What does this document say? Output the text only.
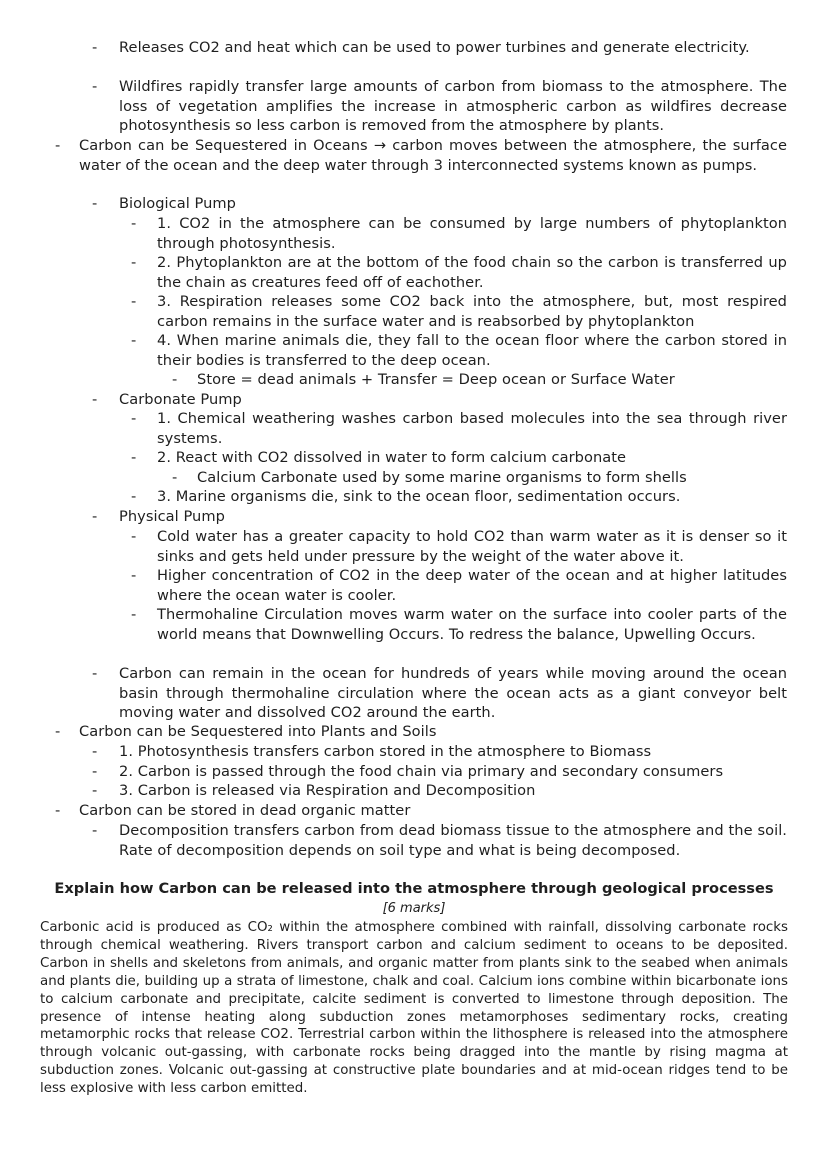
- Releases CO2 and heat which can be used to power turbines and generate electricity.
- Wildfires rapidly transfer large amounts of carbon from biomass to the atmosphere. The loss of vegetation amplifies the increase in atmospheric carbon as wildfires decrease photosynthesis so less carbon is removed from the atmosphere by plants.
- Carbon can be Sequestered in Oceans → carbon moves between the atmosphere, the surface water of the ocean and the deep water through 3 interconnected systems known as pumps.
- Biological Pump
- 1. CO2 in the atmosphere can be consumed by large numbers of phytoplankton through photosynthesis.
- 2. Phytoplankton are at the bottom of the food chain so the carbon is transferred up the chain as creatures feed off of eachother.
- 3. Respiration releases some CO2 back into the atmosphere, but, most respired carbon remains in the surface water and is reabsorbed by phytoplankton
- 4. When marine animals die, they fall to the ocean floor where the carbon stored in their bodies is transferred to the deep ocean.
- Store = dead animals + Transfer = Deep ocean or Surface Water
- Carbonate Pump
- 1. Chemical weathering washes carbon based molecules into the sea through river systems.
- 2. React with CO2 dissolved in water to form calcium carbonate
- Calcium Carbonate used by some marine organisms to form shells
- 3. Marine organisms die, sink to the ocean floor, sedimentation occurs.
- Physical Pump
- Cold water has a greater capacity to hold CO2 than warm water as it is denser so it sinks and gets held under pressure by the weight of the water above it.
- Higher concentration of CO2 in the deep water of the ocean and at higher latitudes where the ocean water is cooler.
- Thermohaline Circulation moves warm water on the surface into cooler parts of the world means that Downwelling Occurs. To redress the balance, Upwelling Occurs.
- Carbon can remain in the ocean for hundreds of years while moving around the ocean basin through thermohaline circulation where the ocean acts as a giant conveyor belt moving water and dissolved CO2 around the earth.
- Carbon can be Sequestered into Plants and Soils
- 1. Photosynthesis transfers carbon stored in the atmosphere to Biomass
- 2. Carbon is passed through the food chain via primary and secondary consumers
- 3. Carbon is released via Respiration and Decomposition
- Carbon can be stored in dead organic matter
- Decomposition transfers carbon from dead biomass tissue to the atmosphere and the soil. Rate of decomposition depends on soil type and what is being decomposed.
Explain how Carbon can be released into the atmosphere through geological processes
[6 marks]
Carbonic acid is produced as CO₂ within the atmosphere combined with rainfall, dissolving carbonate rocks through chemical weathering. Rivers transport carbon and calcium sediment to oceans to be deposited. Carbon in shells and skeletons from animals, and organic matter from plants sink to the seabed when animals and plants die, building up a strata of limestone, chalk and coal. Calcium ions combine within bicarbonate ions to calcium carbonate and precipitate, calcite sediment is converted to limestone through deposition. The presence of intense heating along subduction zones metamorphoses sedimentary rocks, creating metamorphic rocks that release CO2. Terrestrial carbon within the lithosphere is released into the atmosphere through volcanic out-gassing, with carbonate rocks being dragged into the mantle by rising magma at subduction zones. Volcanic out-gassing at constructive plate boundaries and at mid-ocean ridges tend to be less explosive with less carbon emitted.
